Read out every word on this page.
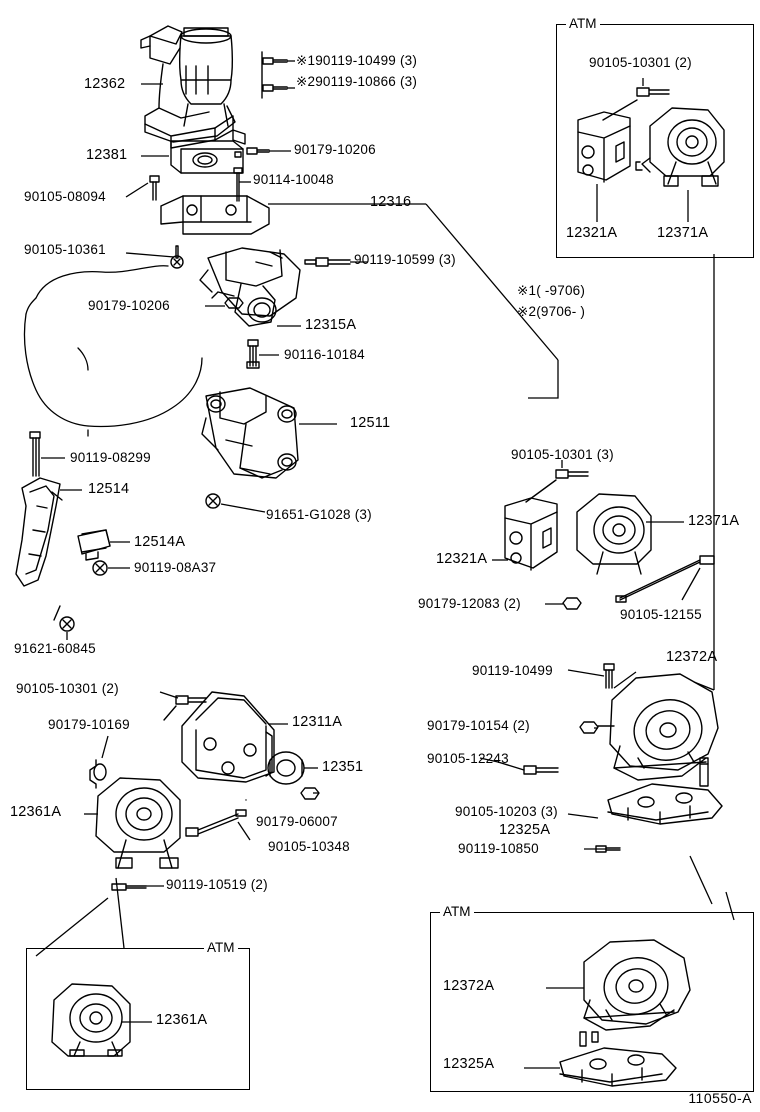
ATM
ATM
ATM
12362
※190119-10499 (3)
※290119-10866 (3)
12381	90179-10206
90114-10048
90105-08094	12316
90105-10361
90119-10599 (3)
90179-10206
12315A
90116-10184
12511
90119-08299
12514
91651-G1028 (3)
12514A
90119-08A37
91621-60845
90105-10301 (2)
12321A	12371A
※1( -9706)
※2(9706- )
90105-10301 (3)
12371A
12321A
90179-12083 (2)
90105-12155
90105-10301 (2)
90179-10169	12311A
12351
12361A
90179-06007
90105-10348
90119-10519 (2)
12361A
90119-10499
12372A
90179-10154 (2)
90105-12243
90105-10203 (3)
12325A
90119-10850
12372A
12325A
110550-A
